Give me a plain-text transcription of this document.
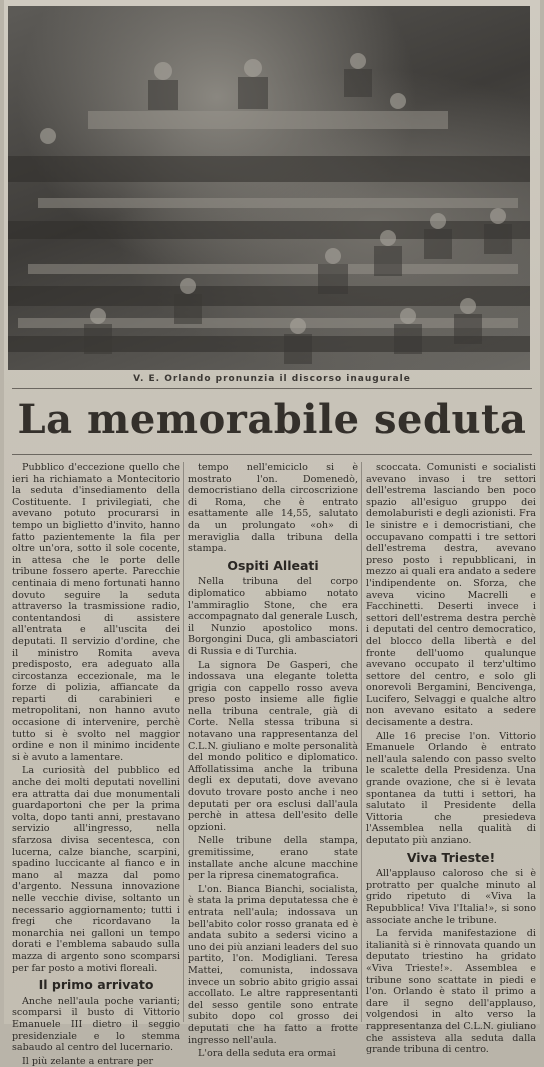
V. E. Orlando pronunzia il discorso inaugurale
La memorabile seduta

Pubblico d'eccezione quello che ieri ha richiamato a Montecitorio la seduta d'insediamento della Costituente. I privilegiati, che avevano potuto procurarsi in tempo un biglietto d'invito, hanno fatto pazientemente la fila per oltre un'ora, sotto il sole cocente, in attesa che le porte delle tribune fossero aperte. Parecchie centinaia di meno fortunati hanno dovuto seguire la seduta attraverso la trasmissione radio, contentandosi di assistere all'entrata e all'uscita dei deputati. Il servizio d'ordine, che il ministro Romita aveva predisposto, era adeguato alla circostanza eccezionale, ma le forze di polizia, affiancate da reparti di carabinieri e metropolitani, non hanno avuto occasione di intervenire, perchè tutto si è svolto nel maggior ordine e non il minimo incidente si è avuto a lamentare.

La curiosità del pubblico ed anche dei molti deputati novellini era attratta dai due monumentali guardaportoni che per la prima volta, dopo tanti anni, prestavano servizio all'ingresso, nella sfarzosa divisa secentesca, con lucerna, calze bianche, scarpini, spadino luccicante al fianco e in mano al mazza dal pomo d'argento. Nessuna innovazione nelle vecchie divise, soltanto un necessario aggiornamento; tutti i fregi che ricordavano la monarchia nei galloni un tempo dorati e l'emblema sabaudo sulla mazza di argento sono scomparsi per far posto a motivi floreali.

Il primo arrivato

Anche nell'aula poche varianti; scomparsi il busto di Vittorio Emanuele III dietro il seggio presidenziale e lo stemma sabaudo al centro del lucernario.

Il più zelante a entrare per

tempo nell'emiciclo si è mostrato l'on. Domenedò, democristiano della circoscrizione di Roma, che è entrato esattamente alle 14,55, salutato da un prolungato «oh» di meraviglia dalla tribuna della stampa.

Ospiti Alleati

Nella tribuna del corpo diplomatico abbiamo notato l'ammiraglio Stone, che era accompagnato dal generale Lusch, il Nunzio apostolico mons. Borgongini Duca, gli ambasciatori di Russia e di Turchia.

La signora De Gasperi, che indossava una elegante toletta grigia con cappello rosso aveva preso posto insieme alle figlie nella tribuna centrale, già di Corte. Nella stessa tribuna si notavano una rappresentanza del C.L.N. giuliano e molte personalità del mondo politico e diplomatico. Affollatissima anche la tribuna degli ex deputati, dove avevano dovuto trovare posto anche i neo deputati per ora esclusi dall'aula perchè in attesa dell'esito delle opzioni.

Nelle tribune della stampa, gremitissime, erano state installate anche alcune macchine per la ripresa cinematografica.

L'on. Bianca Bianchi, socialista, è stata la prima deputatessa che è entrata nell'aula; indossava un bell'abito color rosso granata ed è andata subito a sedersi vicino a uno dei più anziani leaders del suo partito, l'on. Modigliani. Teresa Mattei, comunista, indossava invece un sobrio abito grigio assai accollato. Le altre rappresentanti del sesso gentile sono entrate subito dopo col grosso dei deputati che ha fatto a frotte ingresso nell'aula.

L'ora della seduta era ormai

scoccata. Comunisti e socialisti avevano invaso i tre settori dell'estrema lasciando ben poco spazio all'esiguo gruppo dei demolaburisti e degli azionisti. Fra le sinistre e i democristiani, che occupavano compatti i tre settori dell'estrema destra, avevano preso posto i repubblicani, in mezzo ai quali era andato a sedere l'indipendente on. Sforza, che aveva vicino Macrelli e Facchinetti. Deserti invece i settori dell'estrema destra perchè i deputati del centro democratico, del blocco della libertà e del fronte dell'uomo qualunque avevano occupato il terz'ultimo settore del centro, e solo gli onorevoli Bergamini, Bencivenga, Lucifero, Selvaggi e qualche altro non avevano esitato a sedere decisamente a destra.

Alle 16 precise l'on. Vittorio Emanuele Orlando è entrato nell'aula salendo con passo svelto le scalette della Presidenza. Una grande ovazione, che si è levata spontanea da tutti i settori, ha salutato il Presidente della Vittoria che presiedeva l'Assemblea nella qualità di deputato più anziano.

Viva Trieste!

All'applauso caloroso che si è protratto per qualche minuto al grido ripetuto di «Viva la Repubblica! Viva l'Italia!», si sono associate anche le tribune.

La fervida manifestazione di italianità si è rinnovata quando un deputato triestino ha gridato «Viva Trieste!». Assemblea e tribune sono scattate in piedi e l'on. Orlando è stato il primo a dare il segno dell'applauso, volgendosi in alto verso la rappresentanza del C.L.N. giuliano che assisteva alla seduta dalla grande tribuna di centro.
